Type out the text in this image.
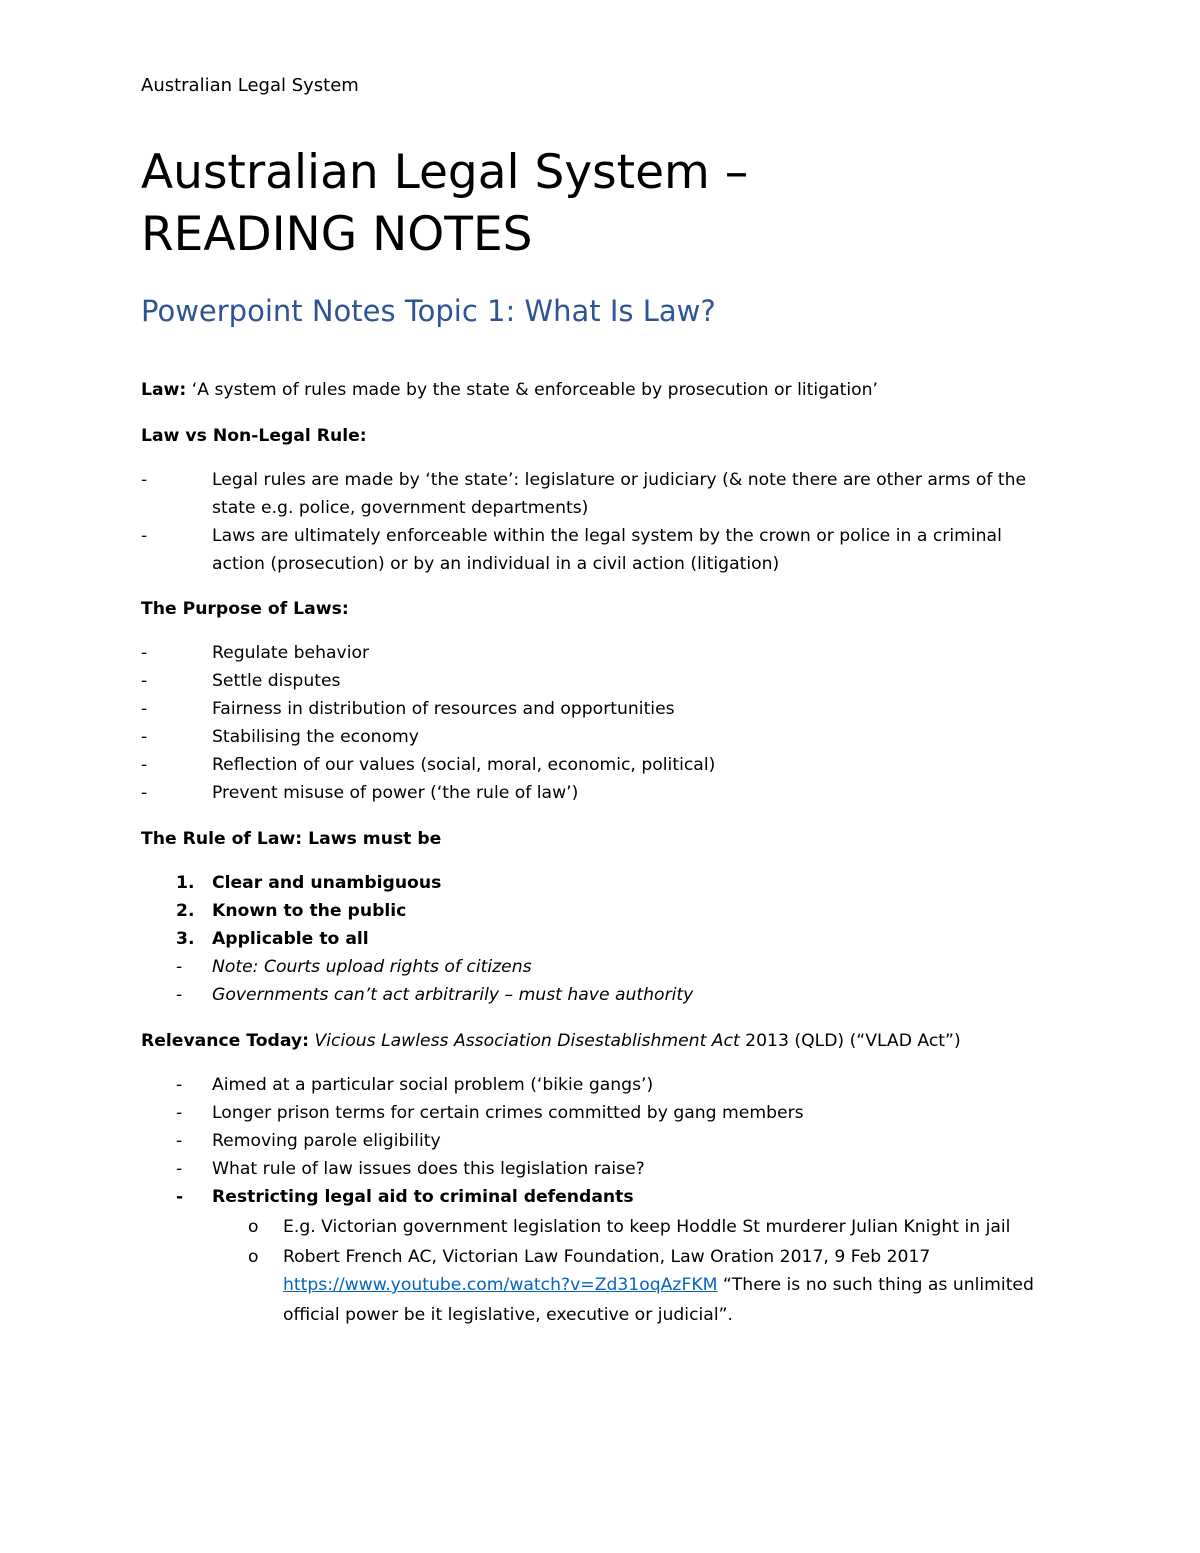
Australian Legal System
Australian Legal System –
READING NOTES
Powerpoint Notes Topic 1: What Is Law?
Law: ‘A system of rules made by the state & enforceable by prosecution or litigation’
Law vs Non-Legal Rule:
-	Legal rules are made by ‘the state’: legislature or judiciary (& note there are other arms of the
state e.g. police, government departments)
-	Laws are ultimately enforceable within the legal system by the crown or police in a criminal
action (prosecution) or by an individual in a civil action (litigation)
The Purpose of Laws:
-	Regulate behavior
-	Settle disputes
-	Fairness in distribution of resources and opportunities
-	Stabilising the economy
-	Reflection of our values (social, moral, economic, political)
-	Prevent misuse of power (‘the rule of law’)
The Rule of Law: Laws must be
1. Clear and unambiguous
2. Known to the public
3. Applicable to all
- Note: Courts upload rights of citizens
- Governments can’t act arbitrarily – must have authority
Relevance Today: Vicious Lawless Association Disestablishment Act 2013 (QLD) (“VLAD Act”)
- Aimed at a particular social problem (‘bikie gangs’)
- Longer prison terms for certain crimes committed by gang members
- Removing parole eligibility
- What rule of law issues does this legislation raise?
- Restricting legal aid to criminal defendants
o E.g. Victorian government legislation to keep Hoddle St murderer Julian Knight in jail
o Robert French AC, Victorian Law Foundation, Law Oration 2017, 9 Feb 2017
https://www.youtube.com/watch?v=Zd31oqAzFKM “There is no such thing as unlimited
official power be it legislative, executive or judicial”.
